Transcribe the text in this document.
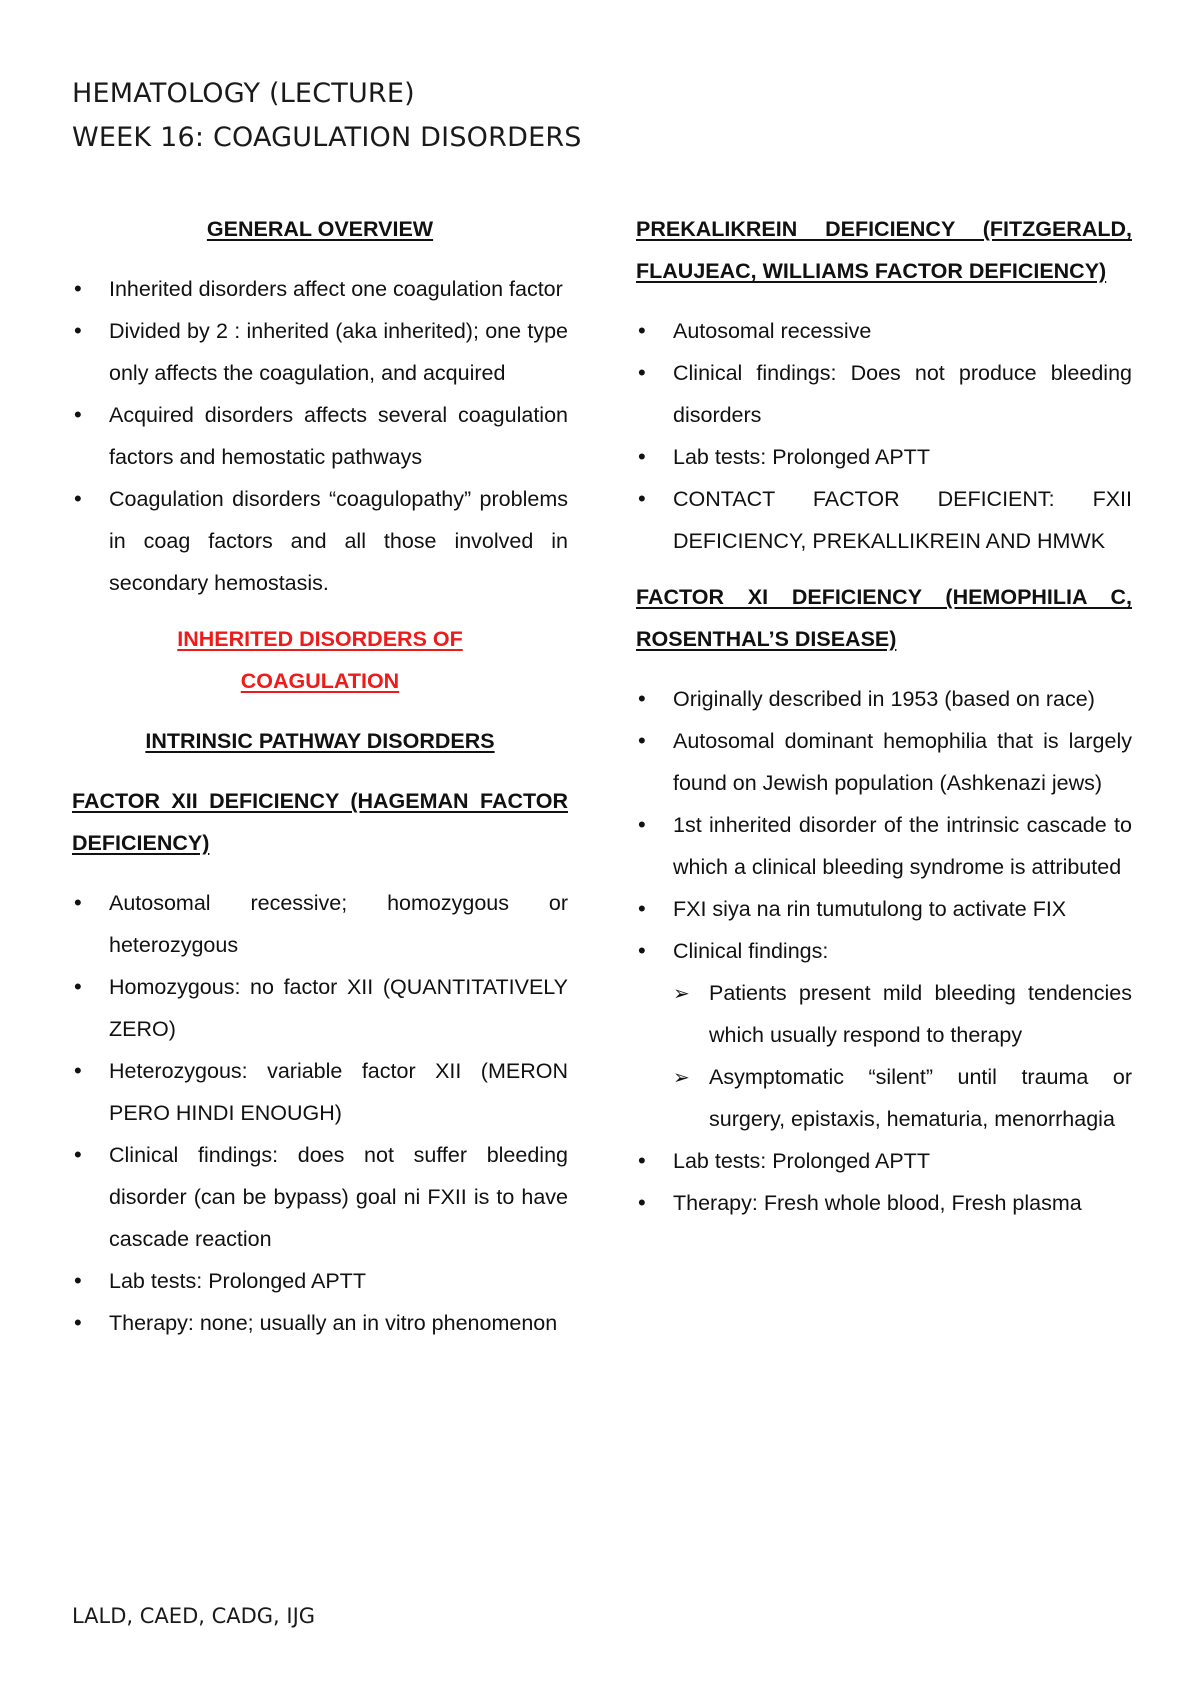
HEMATOLOGY (LECTURE)
WEEK 16: COAGULATION DISORDERS
GENERAL OVERVIEW
• Inherited disorders affect one coagulation factor
• Divided by 2 : inherited (aka inherited); one type only affects the coagulation, and acquired
• Acquired disorders affects several coagulation factors and hemostatic pathways
• Coagulation disorders “coagulopathy” problems in coag factors and all those involved in secondary hemostasis.
INHERITED DISORDERS OF COAGULATION
INTRINSIC PATHWAY DISORDERS
FACTOR XII DEFICIENCY (HAGEMAN FACTOR DEFICIENCY)
• Autosomal recessive; homozygous or heterozygous
• Homozygous: no factor XII (QUANTITATIVELY ZERO)
• Heterozygous: variable factor XII (MERON PERO HINDI ENOUGH)
• Clinical findings: does not suffer bleeding disorder (can be bypass) goal ni FXII is to have cascade reaction
• Lab tests: Prolonged APTT
• Therapy: none; usually an in vitro phenomenon
PREKALIKREIN DEFICIENCY (FITZGERALD, FLAUJEAC, WILLIAMS FACTOR DEFICIENCY)
• Autosomal recessive
• Clinical findings: Does not produce bleeding disorders
• Lab tests: Prolonged APTT
• CONTACT FACTOR DEFICIENT: FXII DEFICIENCY, PREKALLIKREIN AND HMWK
FACTOR XI DEFICIENCY (HEMOPHILIA C, ROSENTHAL’S DISEASE)
• Originally described in 1953 (based on race)
• Autosomal dominant hemophilia that is largely found on Jewish population (Ashkenazi jews)
• 1st inherited disorder of the intrinsic cascade to which a clinical bleeding syndrome is attributed
• FXI siya na rin tumutulong to activate FIX
• Clinical findings:
➢ Patients present mild bleeding tendencies which usually respond to therapy
➢ Asymptomatic “silent” until trauma or surgery, epistaxis, hematuria, menorrhagia
• Lab tests: Prolonged APTT
• Therapy: Fresh whole blood, Fresh plasma
LALD, CAED, CADG, IJG
